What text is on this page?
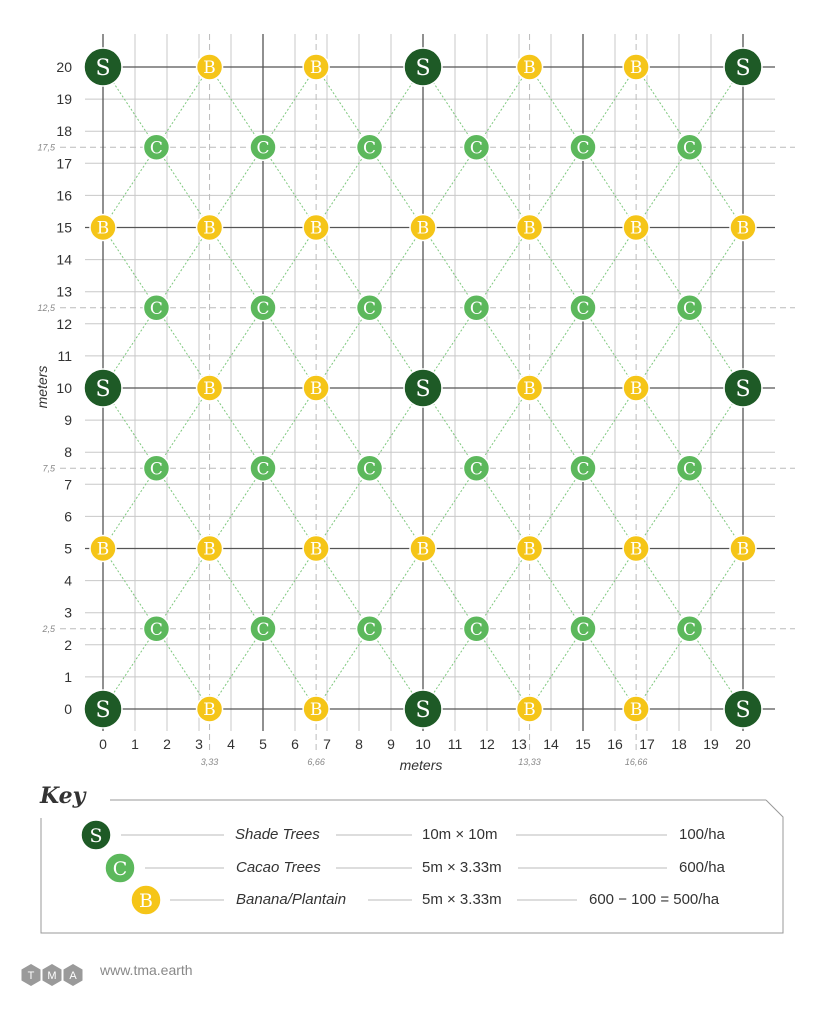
0 1 2 3 4 5 6 7 8 9 10 11 12 13 14 15 16 17 18 19 20
0
1
2
3
4
5
6
7
8
9
10
11
12
13
14
15
16
17
18
19
20
3,33	6,66	13,33	16,66
17,5
12,5
7,5
2,5
meters
meters
S	S	S
S	S	S
S	S	S
C	C	C	C	C	C
C	C	C	C	C	C
C	C	C	C	C	C
C	C	C	C	C	C
B	B	B	B
B	B	B	B	B	B	B
B	B	B	B
B	B	B	B	B	B	B
B	B	B	B
Key
S
C
B
Shade Trees	10m × 10m	100/ha
Cacao Trees	5m × 3.33m	600/ha
Banana/Plantain	5m × 3.33m	600 − 100 = 500/ha
T M A www.tma.earth
